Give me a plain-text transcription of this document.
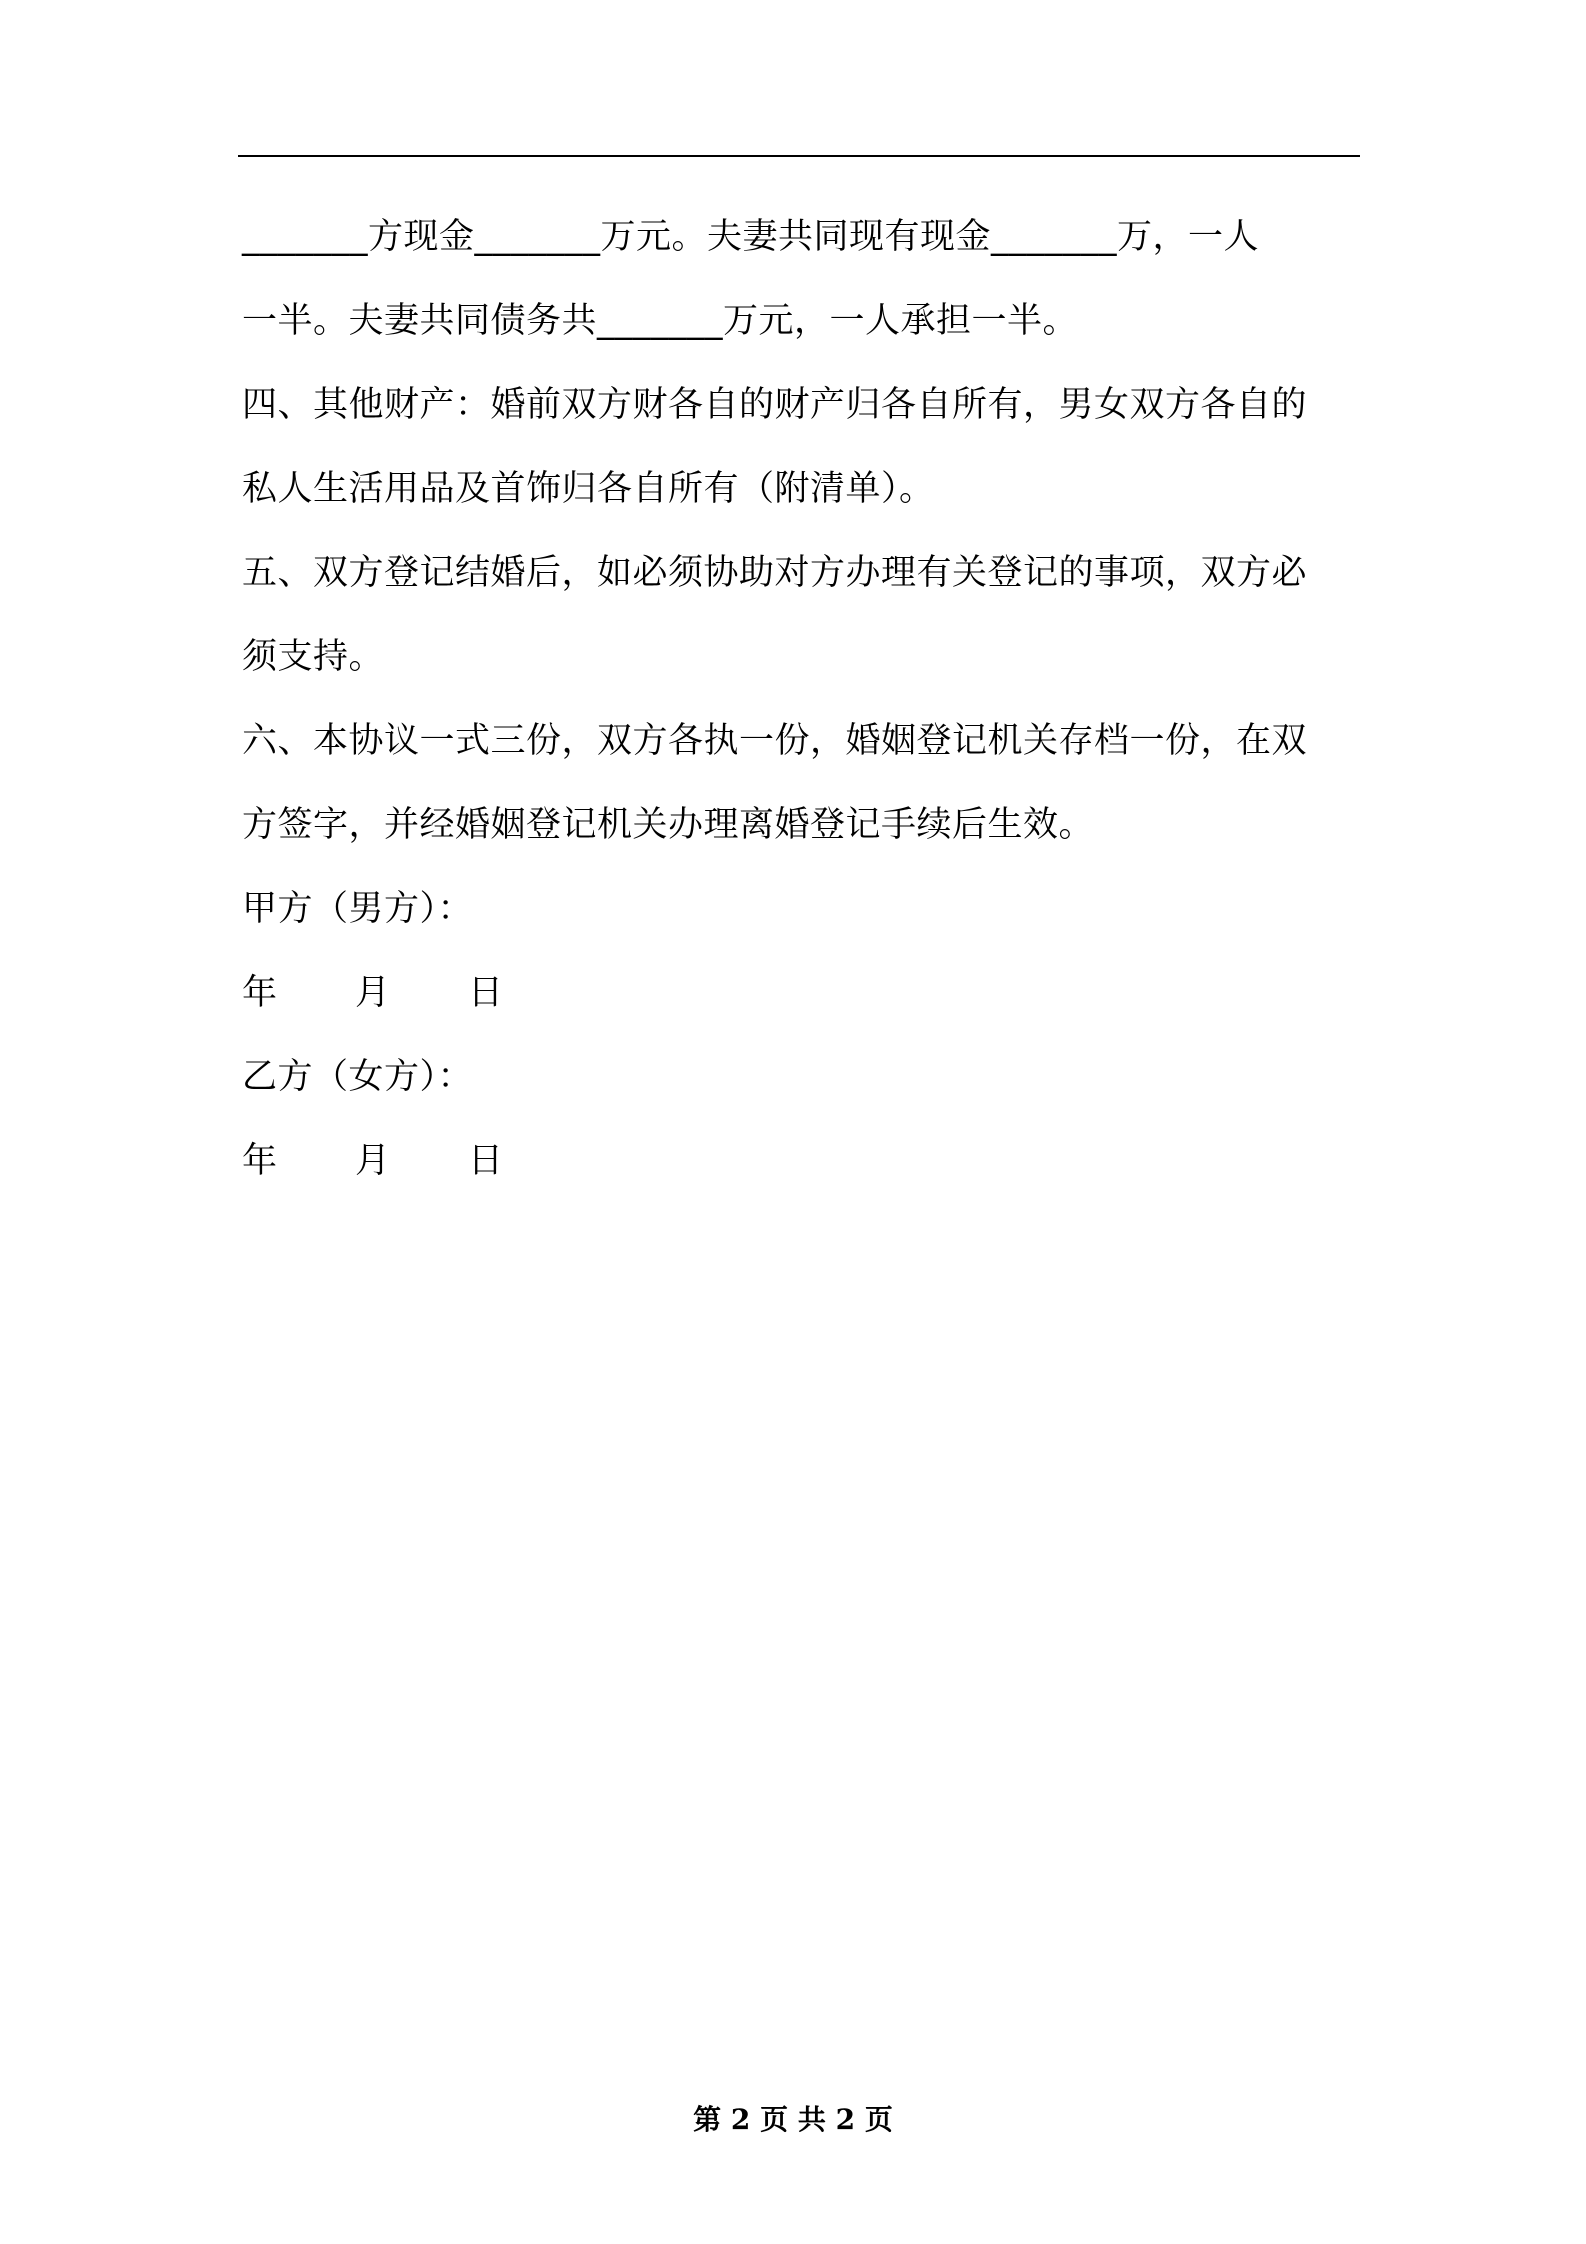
_______方现金_______万元。夫妻共同现有现金_______万，一人
一半。夫妻共同债务共_______万元，一人承担一半。
四、其他财产：婚前双方财各自的财产归各自所有，男女双方各自的
私人生活用品及首饰归各自所有（附清单）。
五、双方登记结婚后，如必须协助对方办理有关登记的事项，双方必
须支持。
六、本协议一式三份，双方各执一份，婚姻登记机关存档一份，在双
方签字，并经婚姻登记机关办理离婚登记手续后生效。
甲方（男方）：
年 月 日
乙方（女方）：
年 月 日
第 2 页 共 2 页
